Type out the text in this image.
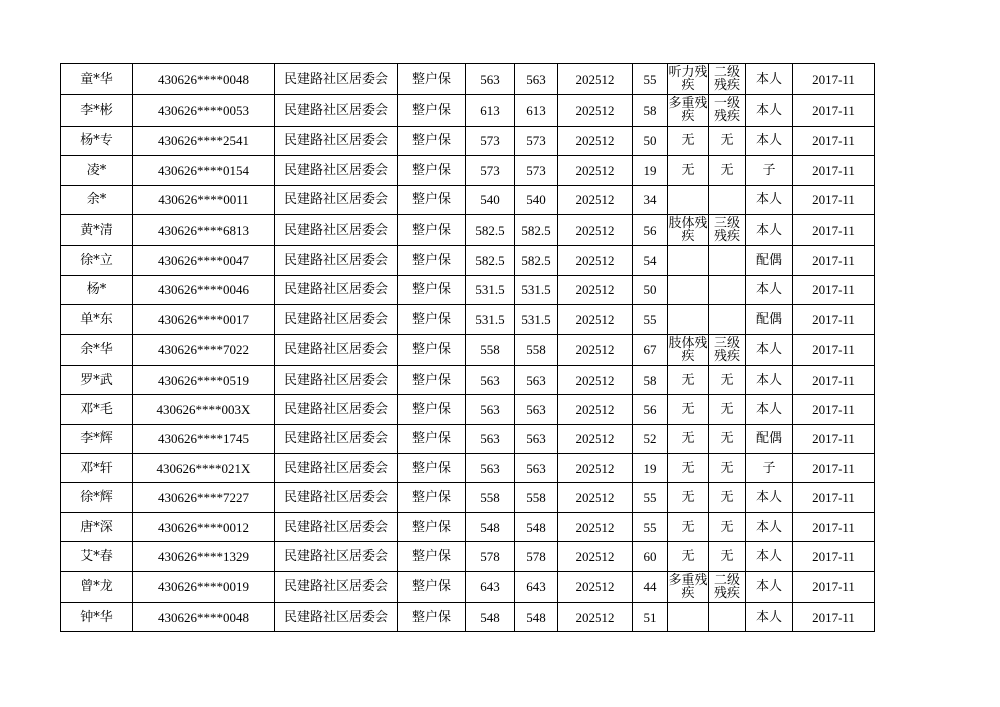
童*华	430626****0048	民建路社区居委会	整户保	563	563	202512	55	听力残疾	二级残疾	本人	2017-11
李*彬	430626****0053	民建路社区居委会	整户保	613	613	202512	58	多重残疾	一级残疾	本人	2017-11
杨*专	430626****2541	民建路社区居委会	整户保	573	573	202512	50	无	无	本人	2017-11
凌*	430626****0154	民建路社区居委会	整户保	573	573	202512	19	无	无	子	2017-11
余*	430626****0011	民建路社区居委会	整户保	540	540	202512	34			本人	2017-11
黄*清	430626****6813	民建路社区居委会	整户保	582.5	582.5	202512	56	肢体残疾	三级残疾	本人	2017-11
徐*立	430626****0047	民建路社区居委会	整户保	582.5	582.5	202512	54			配偶	2017-11
杨*	430626****0046	民建路社区居委会	整户保	531.5	531.5	202512	50			本人	2017-11
单*东	430626****0017	民建路社区居委会	整户保	531.5	531.5	202512	55			配偶	2017-11
余*华	430626****7022	民建路社区居委会	整户保	558	558	202512	67	肢体残疾	三级残疾	本人	2017-11
罗*武	430626****0519	民建路社区居委会	整户保	563	563	202512	58	无	无	本人	2017-11
邓*毛	430626****003X	民建路社区居委会	整户保	563	563	202512	56	无	无	本人	2017-11
李*辉	430626****1745	民建路社区居委会	整户保	563	563	202512	52	无	无	配偶	2017-11
邓*轩	430626****021X	民建路社区居委会	整户保	563	563	202512	19	无	无	子	2017-11
徐*辉	430626****7227	民建路社区居委会	整户保	558	558	202512	55	无	无	本人	2017-11
唐*深	430626****0012	民建路社区居委会	整户保	548	548	202512	55	无	无	本人	2017-11
艾*春	430626****1329	民建路社区居委会	整户保	578	578	202512	60	无	无	本人	2017-11
曾*龙	430626****0019	民建路社区居委会	整户保	643	643	202512	44	多重残疾	二级残疾	本人	2017-11
钟*华	430626****0048	民建路社区居委会	整户保	548	548	202512	51			本人	2017-11
